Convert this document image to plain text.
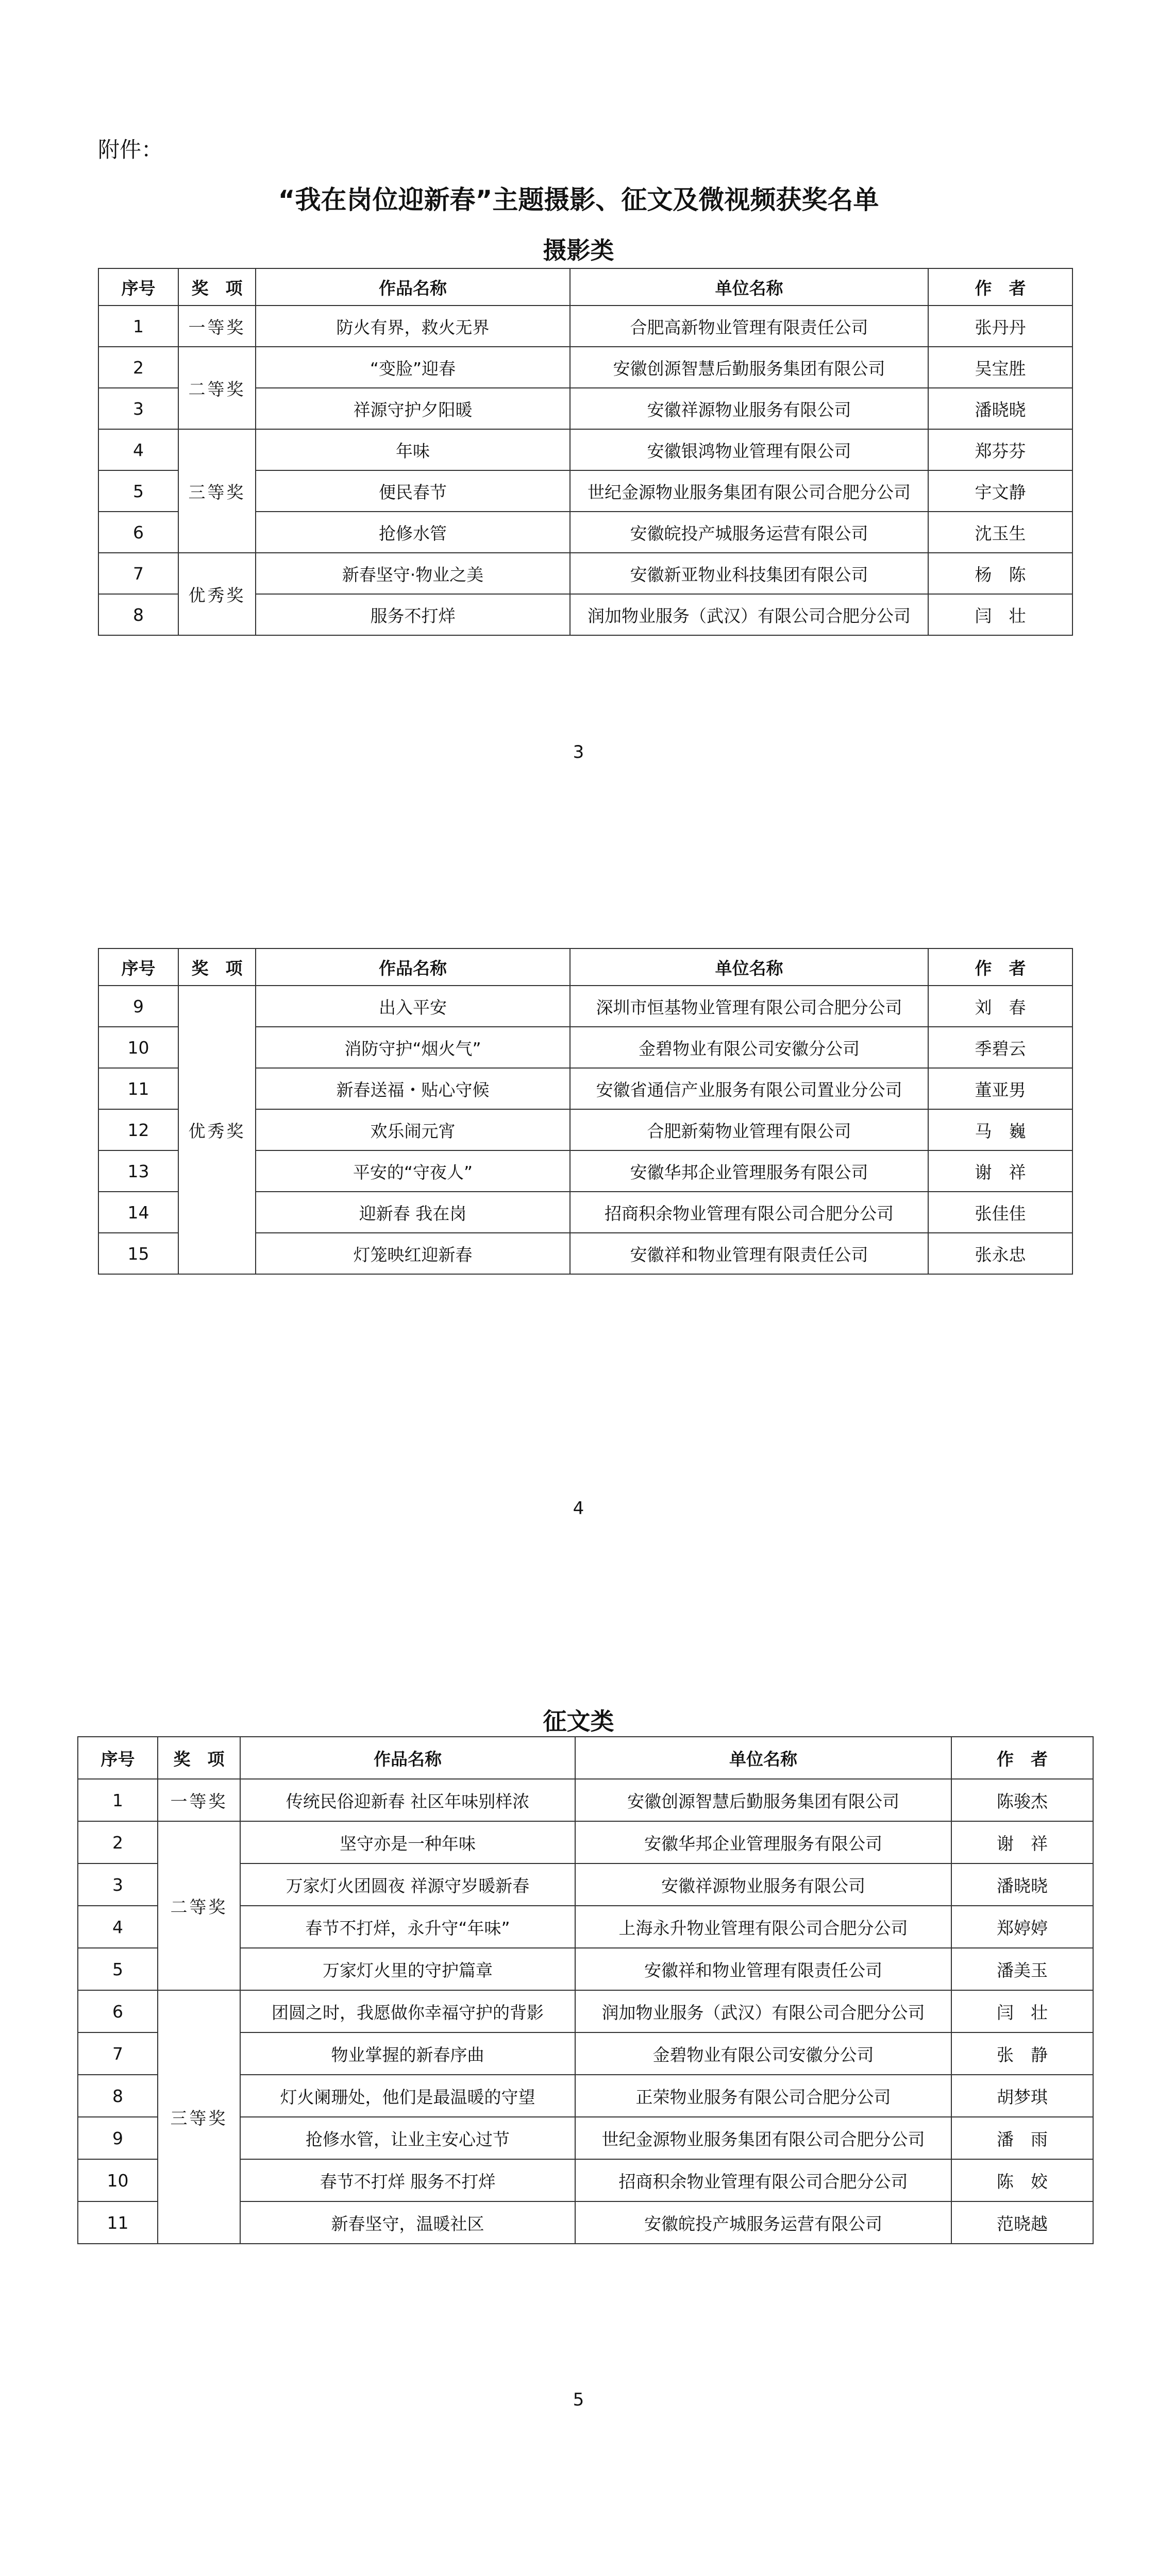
附件：
“我在岗位迎新春”主题摄影、征文及微视频获奖名单
摄影类
序号	奖　项	作品名称	单位名称	作　者
1	一等奖	防火有界，救火无界	合肥高新物业管理有限责任公司	张丹丹
2	二等奖	“变脸”迎春	安徽创源智慧后勤服务集团有限公司	吴宝胜
3		祥源守护夕阳暖	安徽祥源物业服务有限公司	潘晓晓
4	三等奖	年味	安徽银鸿物业管理有限公司	郑芬芬
5		便民春节	世纪金源物业服务集团有限公司合肥分公司	宇文静
6		抢修水管	安徽皖投产城服务运营有限公司	沈玉生
7	优秀奖	新春坚守·物业之美	安徽新亚物业科技集团有限公司	杨　陈
8		服务不打烊	润加物业服务（武汉）有限公司合肥分公司	闫　壮
3
序号	奖　项	作品名称	单位名称	作　者
9	优秀奖	出入平安	深圳市恒基物业管理有限公司合肥分公司	刘　春
10		消防守护“烟火气”	金碧物业有限公司安徽分公司	季碧云
11		新春送福・贴心守候	安徽省通信产业服务有限公司置业分公司	董亚男
12		欢乐闹元宵	合肥新菊物业管理有限公司	马　巍
13		平安的“守夜人”	安徽华邦企业管理服务有限公司	谢　祥
14		迎新春 我在岗	招商积余物业管理有限公司合肥分公司	张佳佳
15		灯笼映红迎新春	安徽祥和物业管理有限责任公司	张永忠
4
征文类
序号	奖　项	作品名称	单位名称	作　者
1	一等奖	传统民俗迎新春 社区年味别样浓	安徽创源智慧后勤服务集团有限公司	陈骏杰
2	二等奖	坚守亦是一种年味	安徽华邦企业管理服务有限公司	谢　祥
3		万家灯火团圆夜 祥源守岁暖新春	安徽祥源物业服务有限公司	潘晓晓
4		春节不打烊，永升守“年味”	上海永升物业管理有限公司合肥分公司	郑婷婷
5		万家灯火里的守护篇章	安徽祥和物业管理有限责任公司	潘美玉
6	三等奖	团圆之时，我愿做你幸福守护的背影	润加物业服务（武汉）有限公司合肥分公司	闫　壮
7		物业掌握的新春序曲	金碧物业有限公司安徽分公司	张　静
8		灯火阑珊处，他们是最温暖的守望	正荣物业服务有限公司合肥分公司	胡梦琪
9		抢修水管，让业主安心过节	世纪金源物业服务集团有限公司合肥分公司	潘　雨
10		春节不打烊 服务不打烊	招商积余物业管理有限公司合肥分公司	陈　姣
11		新春坚守，温暖社区	安徽皖投产城服务运营有限公司	范晓越
5
